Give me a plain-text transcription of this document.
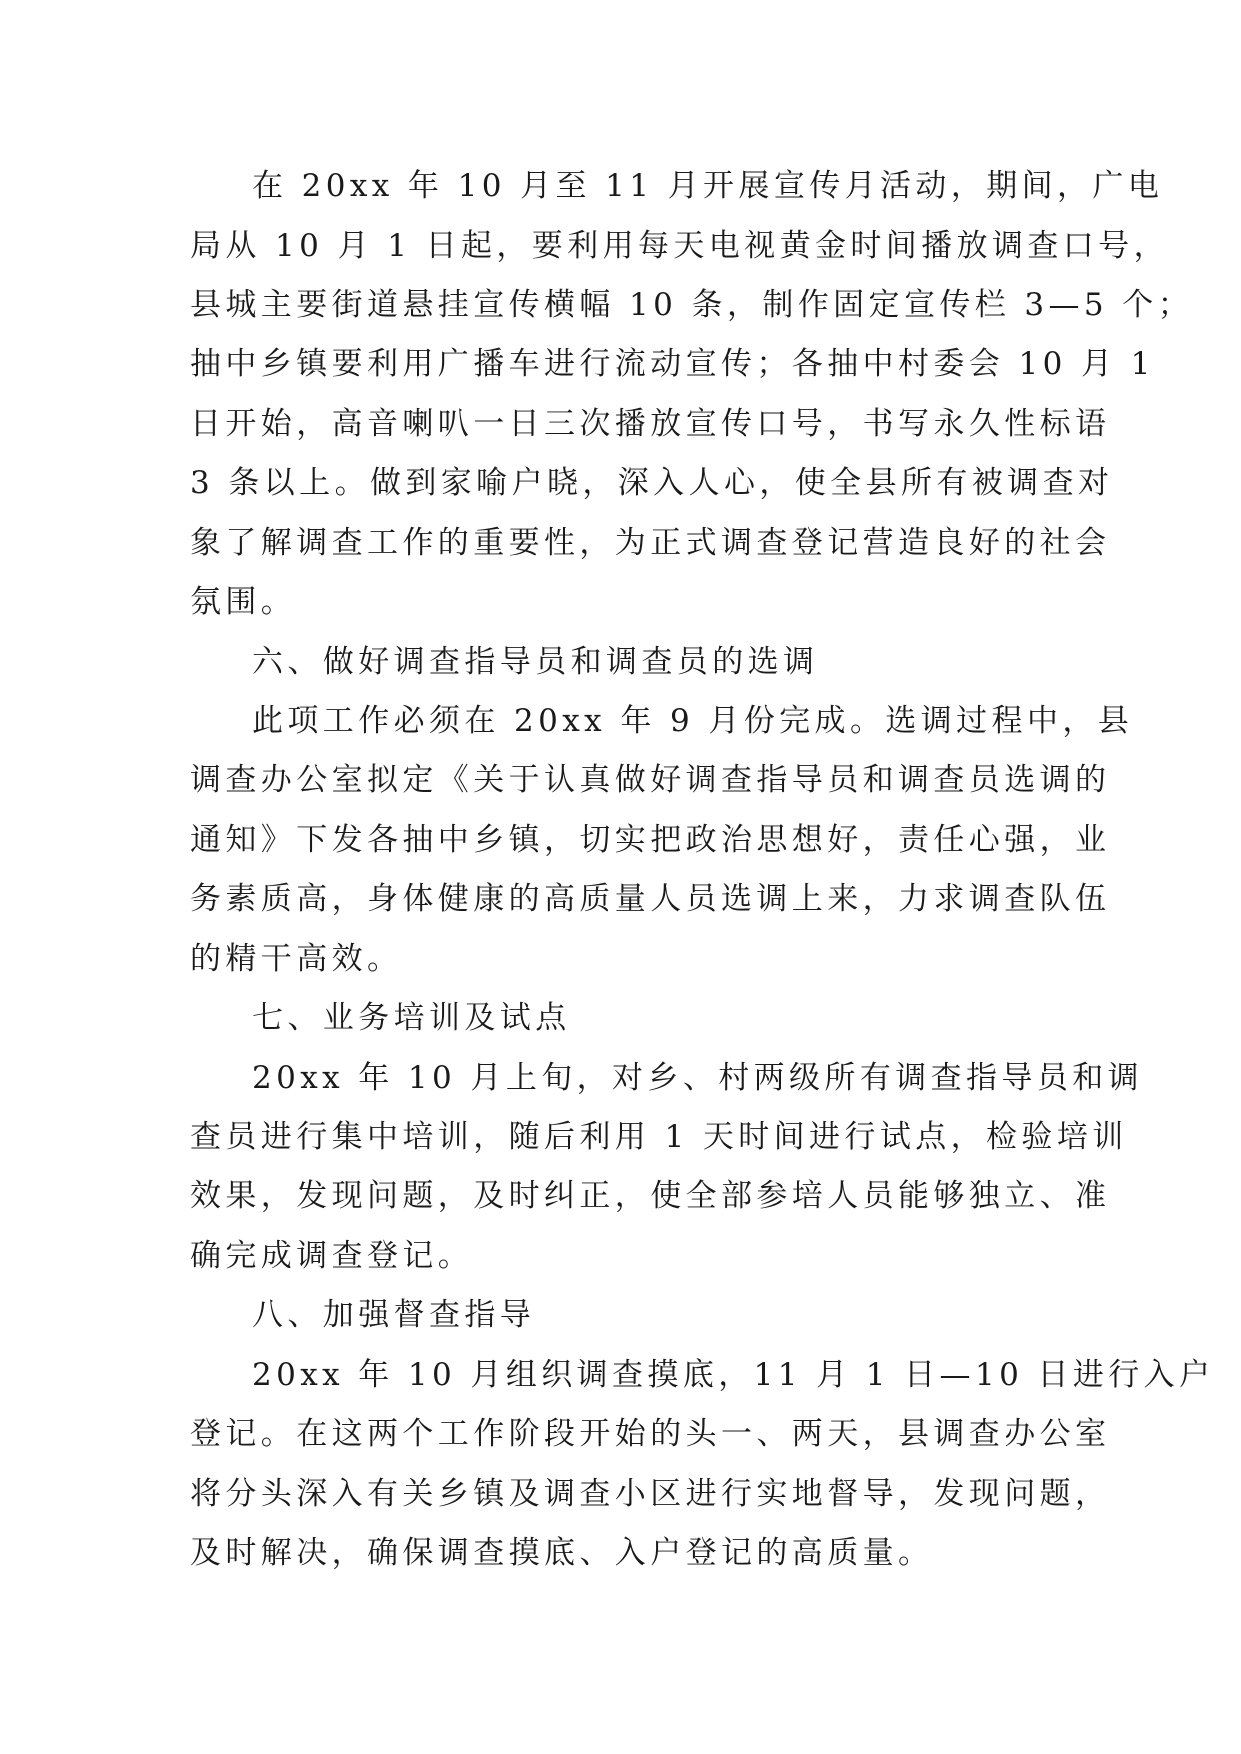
在 20xx 年 10 月至 11 月开展宣传月活动，期间，广电
局从 10 月 1 日起，要利用每天电视黄金时间播放调查口号，
县城主要街道悬挂宣传横幅 10 条，制作固定宣传栏 3—5 个；
抽中乡镇要利用广播车进行流动宣传；各抽中村委会 10 月 1
日开始，高音喇叭一日三次播放宣传口号，书写永久性标语
3 条以上。做到家喻户晓，深入人心，使全县所有被调查对
象了解调查工作的重要性，为正式调查登记营造良好的社会
氛围。
六、做好调查指导员和调查员的选调
此项工作必须在 20xx 年 9 月份完成。选调过程中，县
调查办公室拟定《关于认真做好调查指导员和调查员选调的
通知》下发各抽中乡镇，切实把政治思想好，责任心强，业
务素质高，身体健康的高质量人员选调上来，力求调查队伍
的精干高效。
七、业务培训及试点
20xx 年 10 月上旬，对乡、村两级所有调查指导员和调
查员进行集中培训，随后利用 1 天时间进行试点，检验培训
效果，发现问题，及时纠正，使全部参培人员能够独立、准
确完成调查登记。
八、加强督查指导
20xx 年 10 月组织调查摸底，11 月 1 日—10 日进行入户
登记。在这两个工作阶段开始的头一、两天，县调查办公室
将分头深入有关乡镇及调查小区进行实地督导，发现问题，
及时解决，确保调查摸底、入户登记的高质量。
